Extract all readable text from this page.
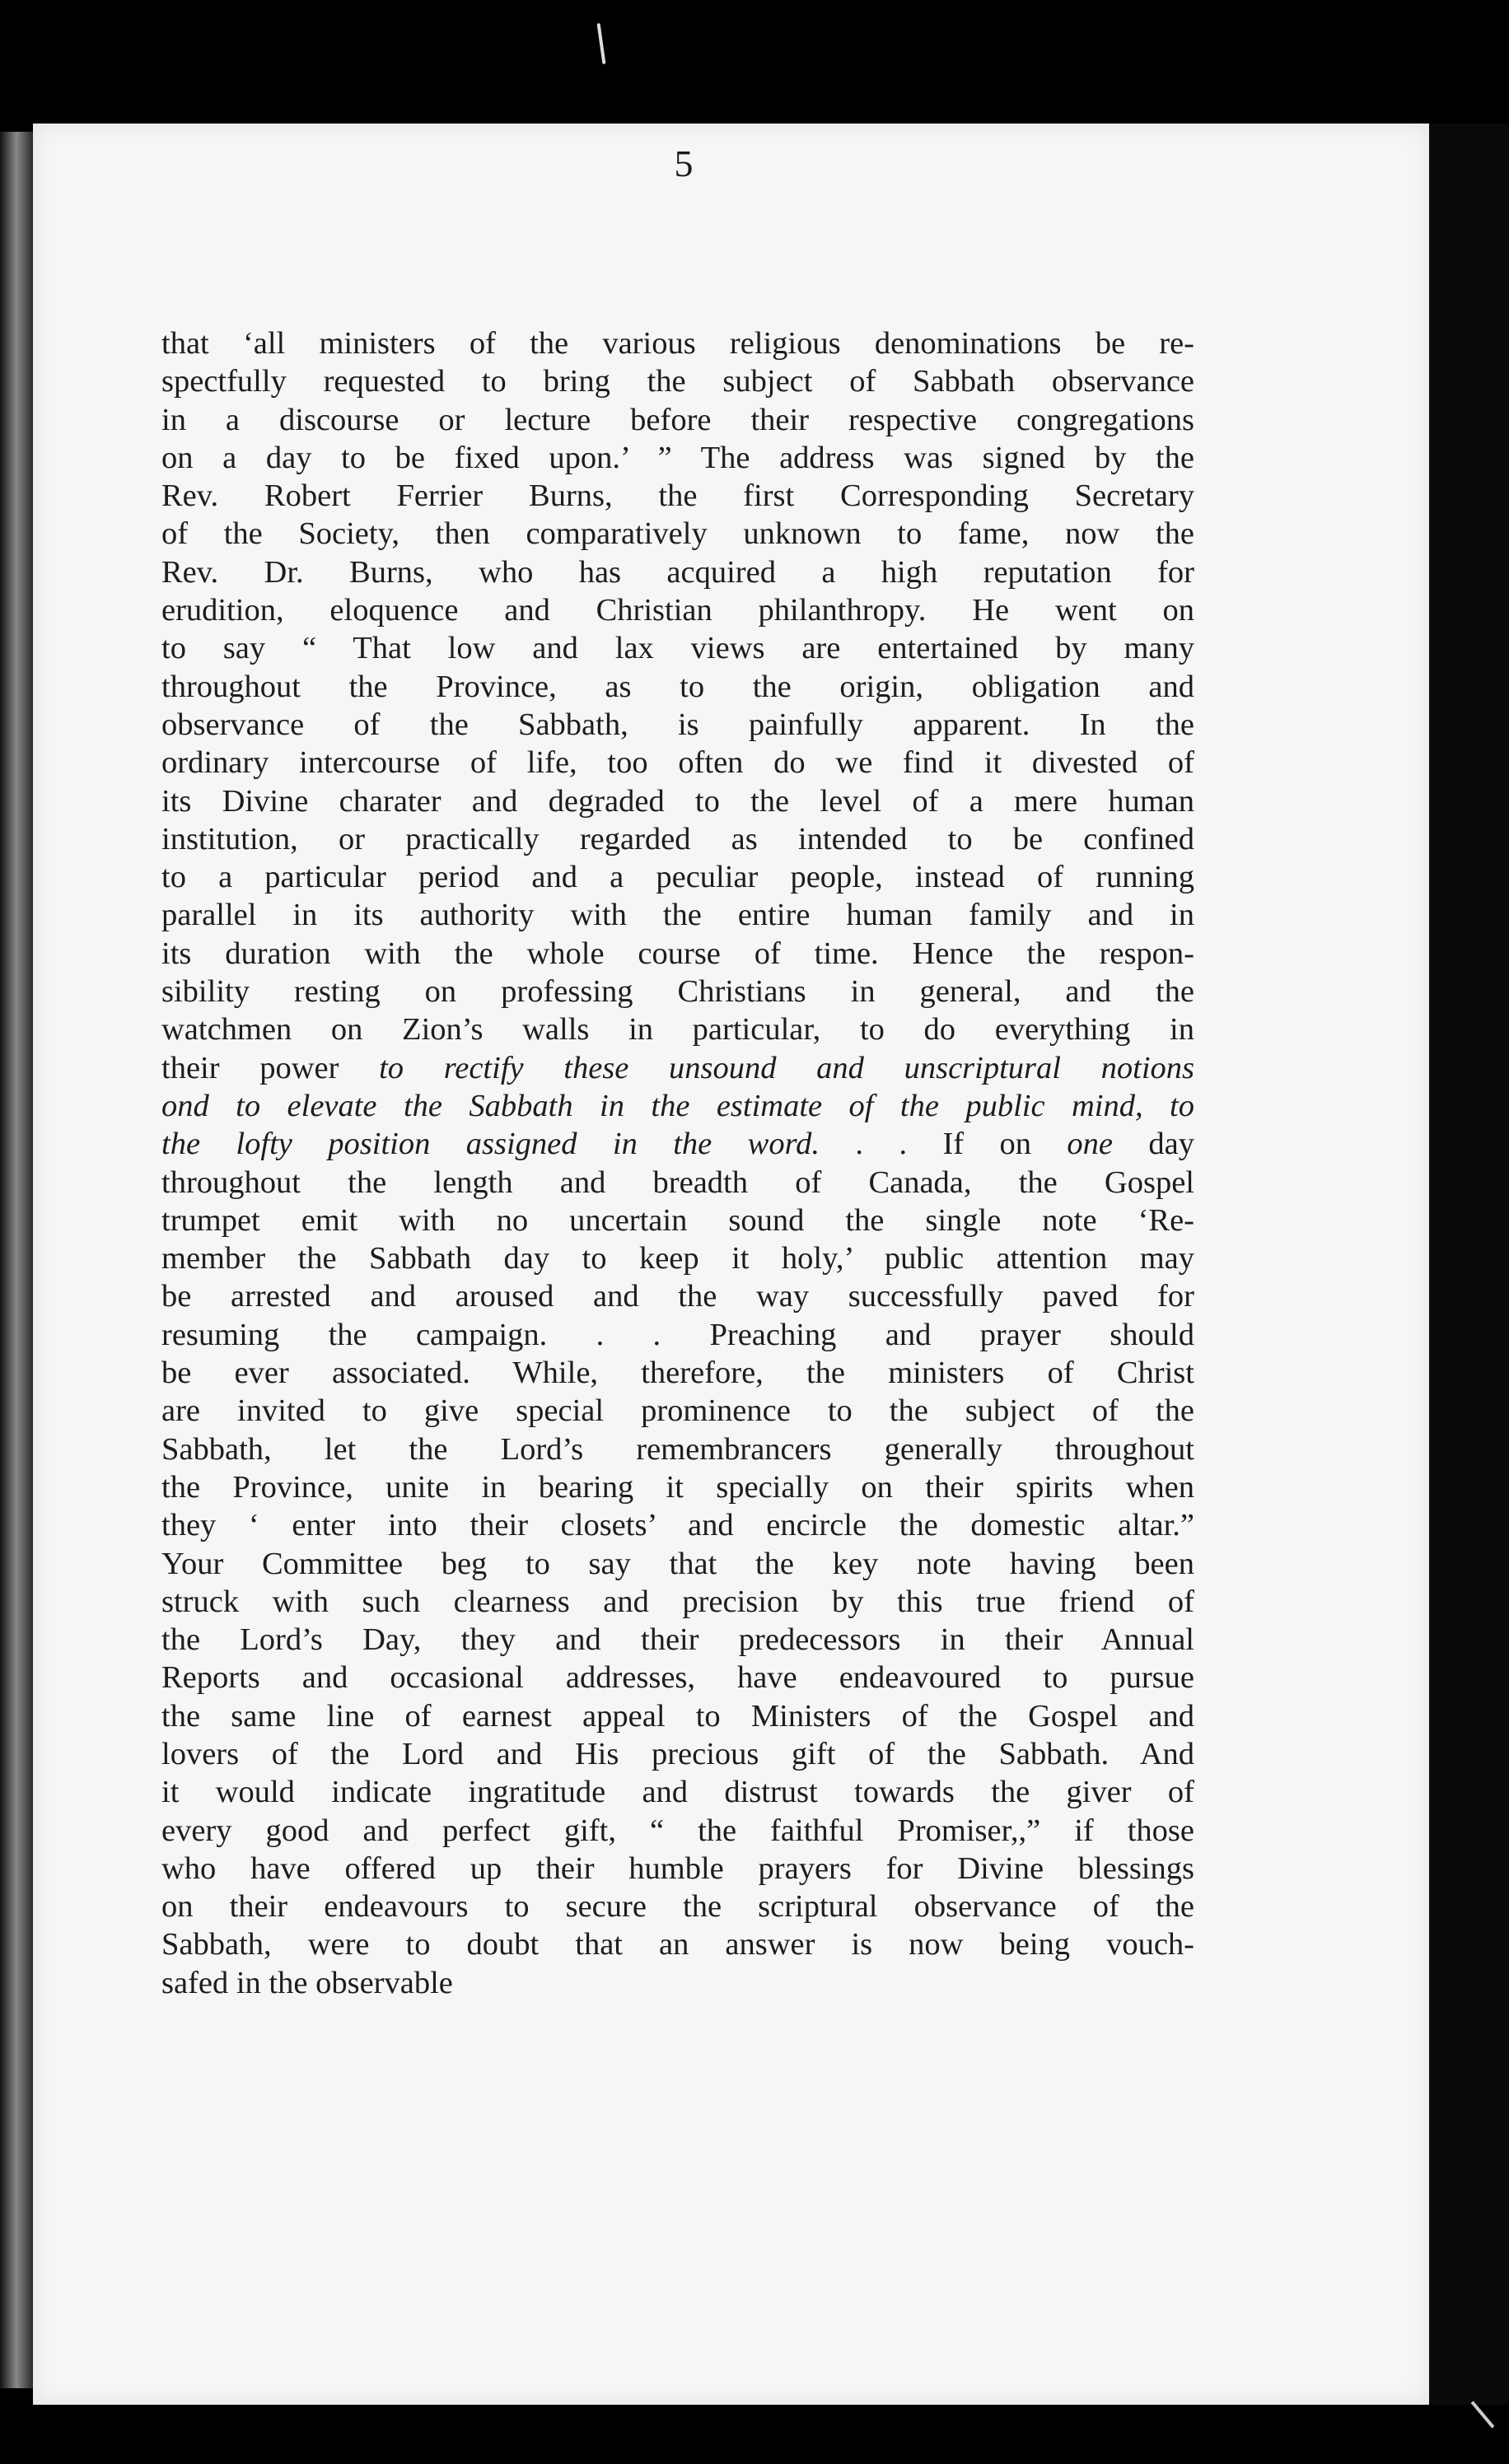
5
that ‘all ministers of the various religious denominations be re-
spectfully requested to bring the subject of Sabbath observance
in a discourse or lecture before their respective congregations
on a day to be fixed upon.’ ” The address was signed by the
Rev. Robert Ferrier Burns, the first Corresponding Secretary
of the Society, then comparatively unknown to fame, now the
Rev. Dr. Burns, who has acquired a high reputation for
erudition, eloquence and Christian philanthropy. He went on
to say “ That low and lax views are entertained by many
throughout the Province, as to the origin, obligation and
observance of the Sabbath, is painfully apparent. In the
ordinary intercourse of life, too often do we find it divested of
its Divine charater and degraded to the level of a mere human
institution, or practically regarded as intended to be confined
to a particular period and a peculiar people, instead of running
parallel in its authority with the entire human family and in
its duration with the whole course of time. Hence the respon-
sibility resting on professing Christians in general, and the
watchmen on Zion’s walls in particular, to do everything in
their power to rectify these unsound and unscriptural notions
ond to elevate the Sabbath in the estimate of the public mind, to
the lofty position assigned in the word. . . If on one day
throughout the length and breadth of Canada, the Gospel
trumpet emit with no uncertain sound the single note ‘Re-
member the Sabbath day to keep it holy,’ public attention may
be arrested and aroused and the way successfully paved for
resuming the campaign. . . Preaching and prayer should
be ever associated. While, therefore, the ministers of Christ
are invited to give special prominence to the subject of the
Sabbath, let the Lord’s remembrancers generally throughout
the Province, unite in bearing it specially on their spirits when
they ‘ enter into their closets’ and encircle the domestic altar.”
Your Committee beg to say that the key note having been
struck with such clearness and precision by this true friend of
the Lord’s Day, they and their predecessors in their Annual
Reports and occasional addresses, have endeavoured to pursue
the same line of earnest appeal to Ministers of the Gospel and
lovers of the Lord and His precious gift of the Sabbath. And
it would indicate ingratitude and distrust towards the giver of
every good and perfect gift, “ the faithful Promiser,,” if those
who have offered up their humble prayers for Divine blessings
on their endeavours to secure the scriptural observance of the
Sabbath, were to doubt that an answer is now being vouch-
safed in the observable
